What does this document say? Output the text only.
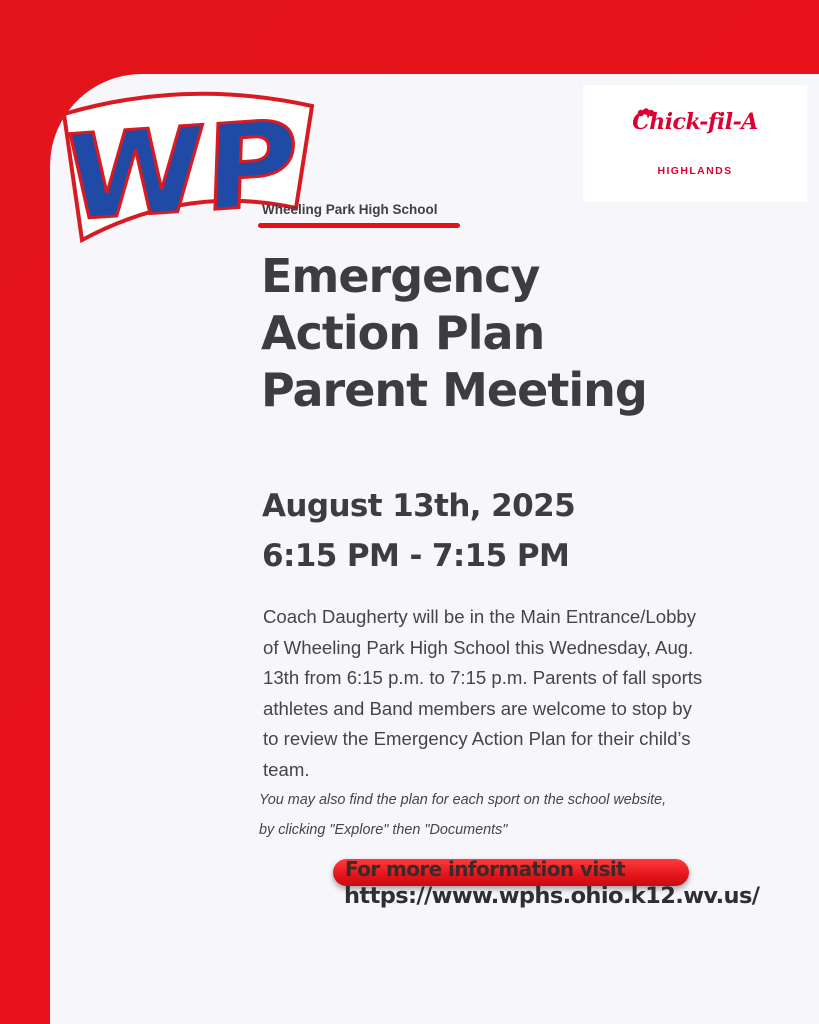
WP	Chick-fil-A
HIGHLANDS
Wheeling Park High School
Emergency
Action Plan
Parent Meeting
August 13th, 2025
6:15 PM - 7:15 PM
Coach Daugherty will be in the Main Entrance/Lobby
of Wheeling Park High School this Wednesday, Aug.
13th from 6:15 p.m. to 7:15 p.m. Parents of fall sports
athletes and Band members are welcome to stop by
to review the Emergency Action Plan for their child’s
team.
You may also find the plan for each sport on the school website,
by clicking "Explore" then "Documents"
For more information visit
https://www.wphs.ohio.k12.wv.us/
